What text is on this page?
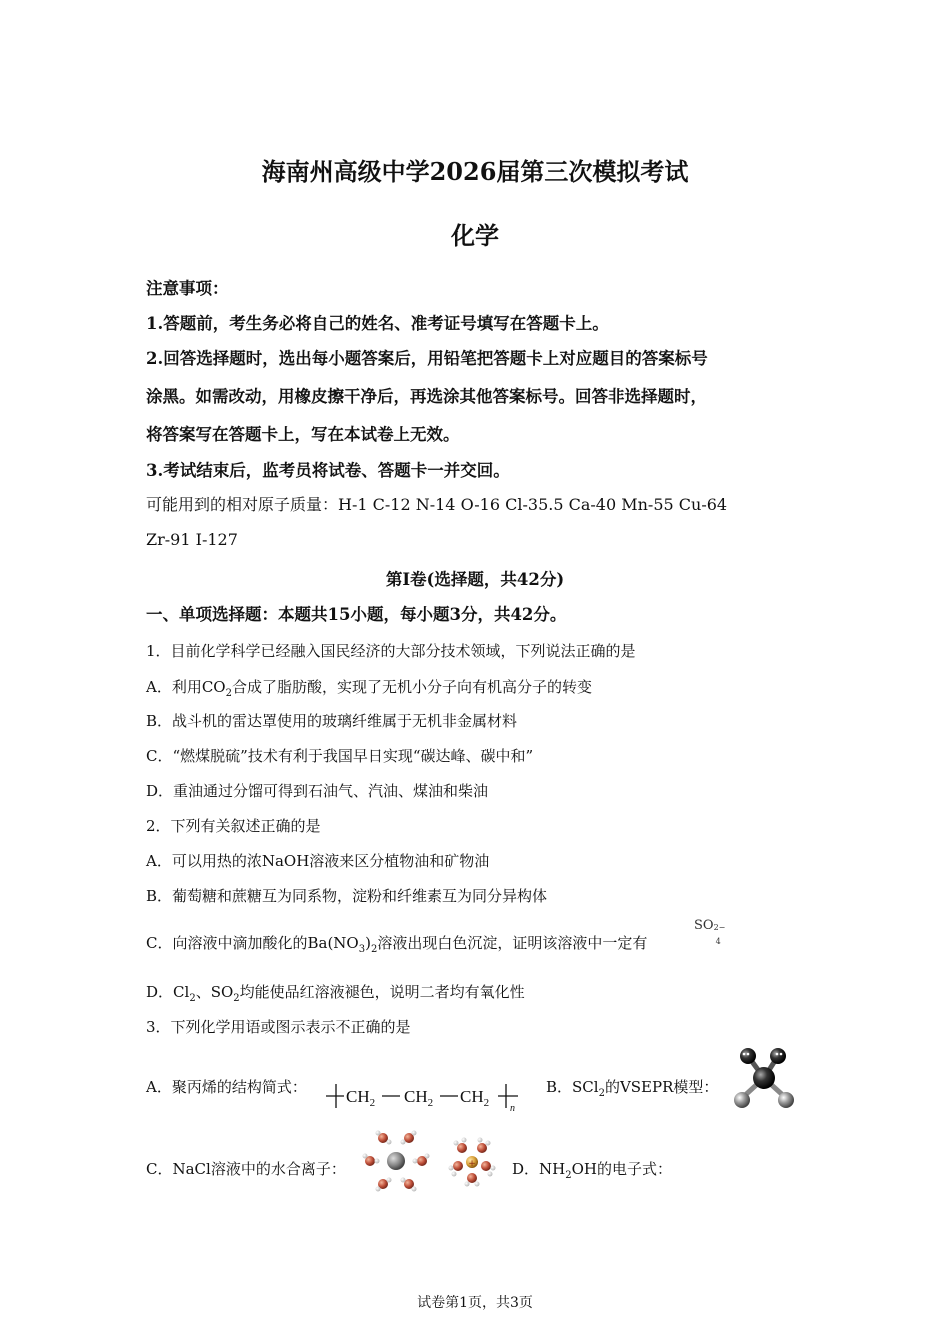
海南州高级中学2026届第三次模拟考试
化学
注意事项：
1.答题前，考生务必将自己的姓名、准考证号填写在答题卡上。
2.回答选择题时，选出每小题答案后，用铅笔把答题卡上对应题目的答案标号
涂黑。如需改动，用橡皮擦干净后，再选涂其他答案标号。回答非选择题时，
将答案写在答题卡上，写在本试卷上无效。
3.考试结束后，监考员将试卷、答题卡一并交回。
可能用到的相对原子质量：H-1 C-12 N-14 O-16 Cl-35.5 Ca-40 Mn-55 Cu-64
Zr-91 I-127
第Ⅰ卷(选择题，共42分)
一、单项选择题：本题共15小题，每小题3分，共42分。
1．目前化学科学已经融入国民经济的大部分技术领域，下列说法正确的是
A．利用$CO_2$合成了脂肪酸，实现了无机小分子向有机高分子的转变
B．战斗机的雷达罩使用的玻璃纤维属于无机非金属材料
C．“燃煤脱硫”技术有利于我国早日实现“碳达峰、碳中和”
D．重油通过分馏可得到石油气、汽油、煤油和柴油
2．下列有关叙述正确的是
A．可以用热的浓NaOH溶液来区分植物油和矿物油
B．葡萄糖和蔗糖互为同系物，淀粉和纤维素互为同分异构体
C．向溶液中滴加酸化的$Ba(NO_3)_2$溶液出现白色沉淀，证明该溶液中一定有
SO 2−
4
D．$Cl_2$、$SO_2$均能使品红溶液褪色，说明二者均有氧化性
3．下列化学用语或图示表示不正确的是
A．聚丙烯的结构简式： $CH_2$ $CH_2$ $CH_2$ n
B．SCl$_2$的VSEPR模型：
C．NaCl溶液中的水合离子：	+ D．$NH_2OH$的电子式：
试卷第1页，共3页
